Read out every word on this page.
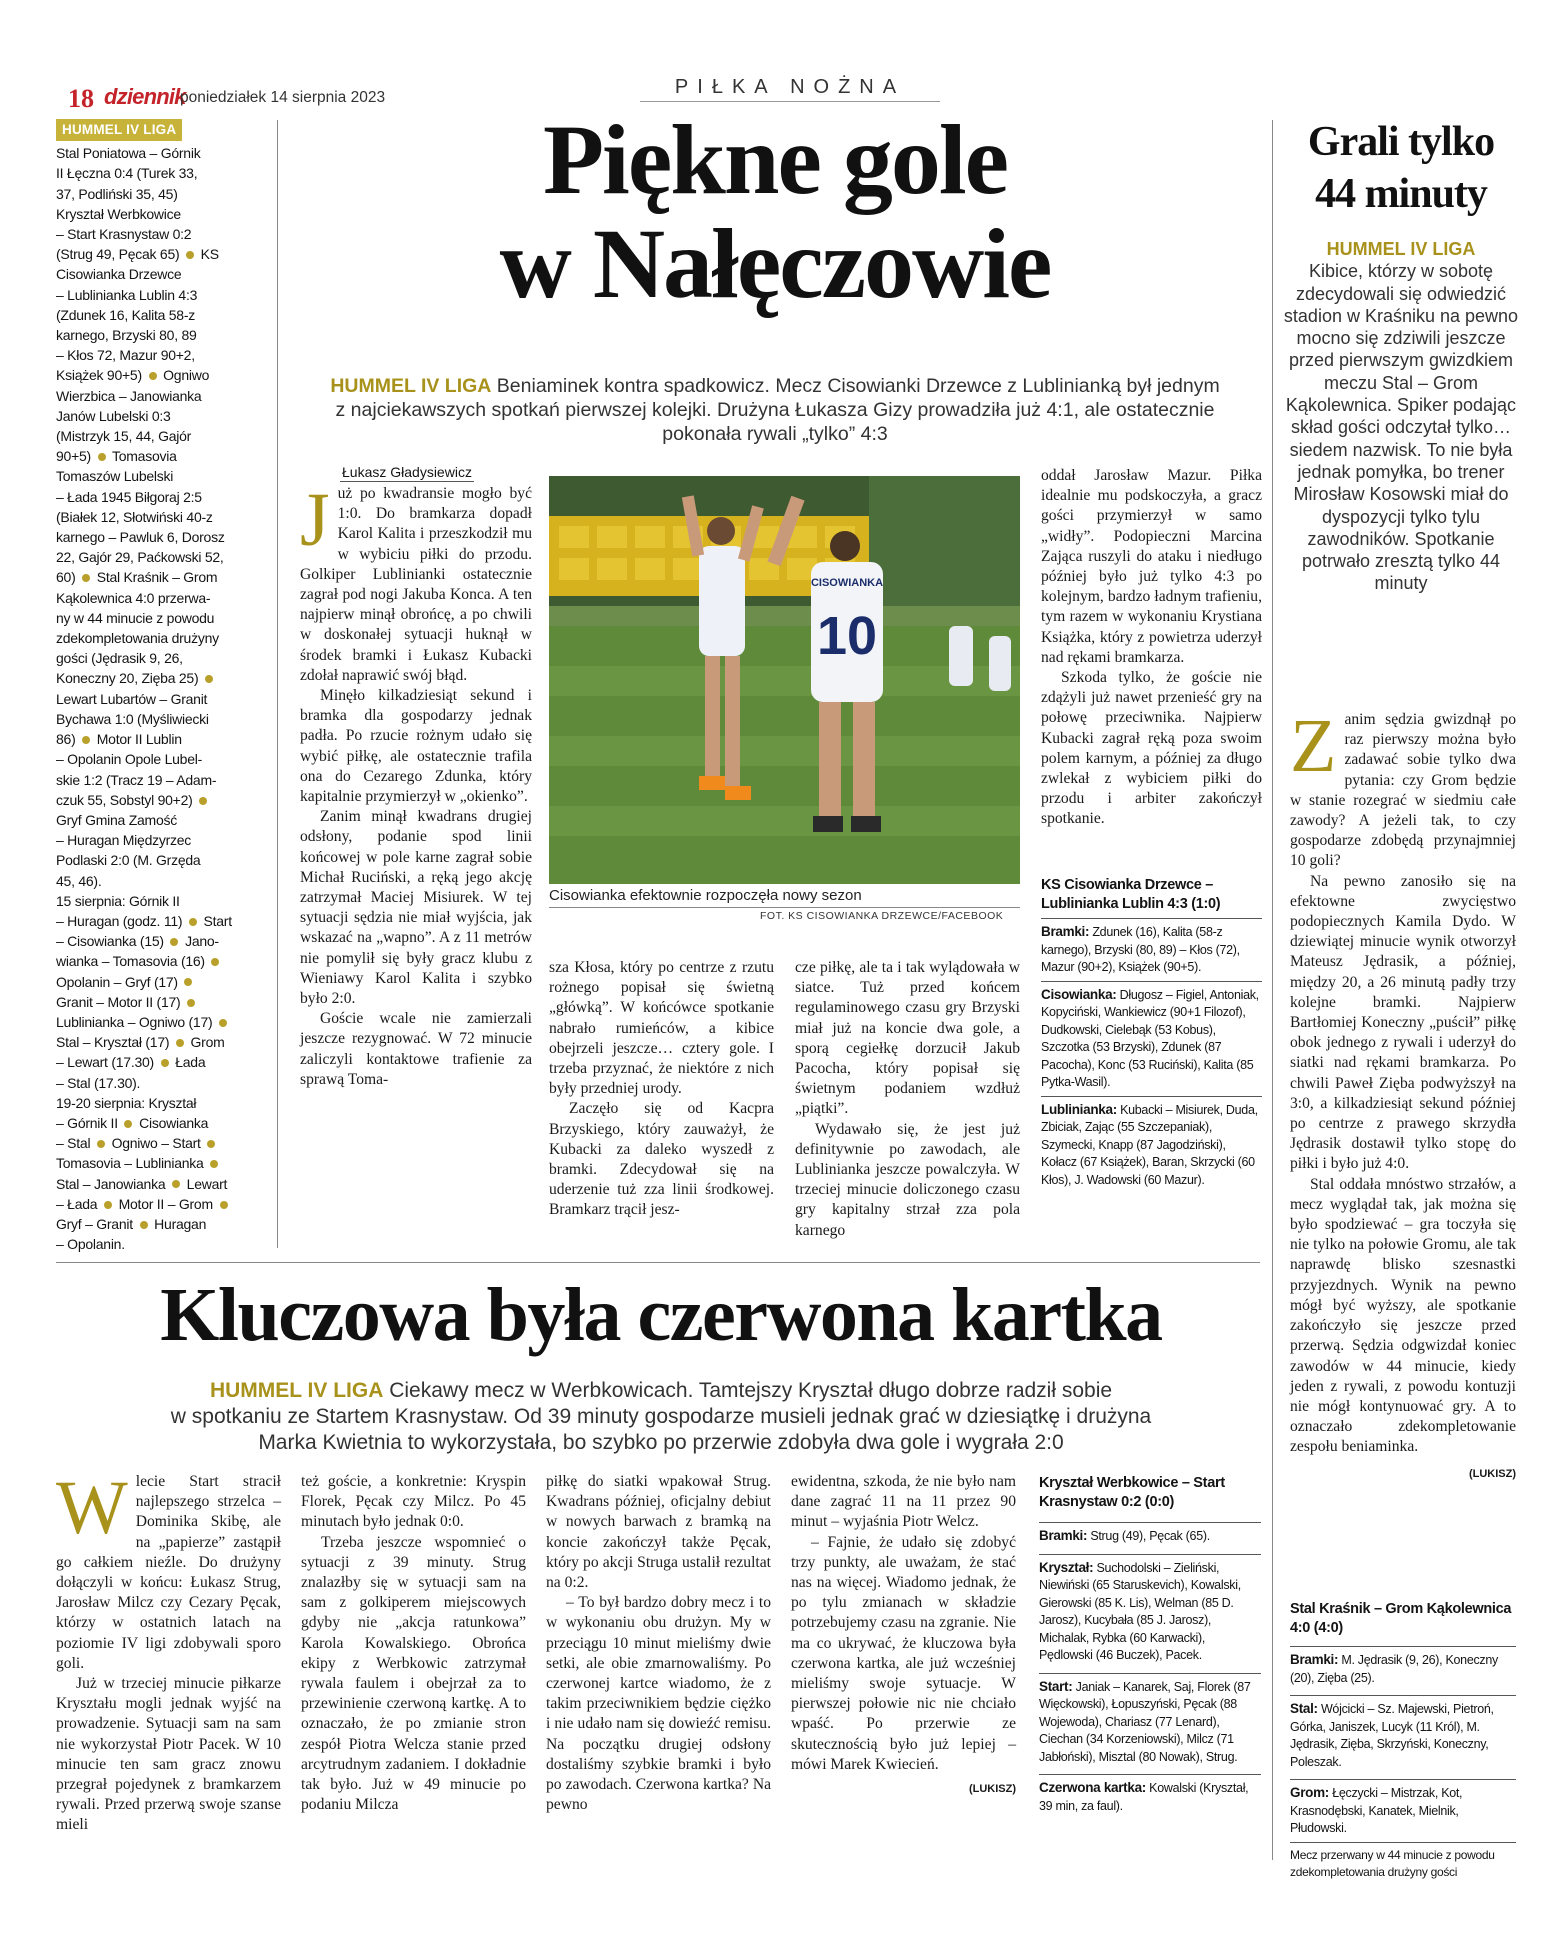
18 dziennik
poniedziałek 14 sierpnia 2023	PIŁKA NOŻNA
HUMMEL IV LIGA
Stal Poniatowa – Górnik
II Łęczna 0:4 (Turek 33,
37, Podliński 35, 45)
Kryształ Werbkowice
– Start Krasnystaw 0:2
(Strug 49, Pęcak 65)  KS
Cisowianka Drzewce
– Lublinianka Lublin 4:3
(Zdunek 16, Kalita 58-z
karnego, Brzyski 80, 89
– Kłos 72, Mazur 90+2,
Książek 90+5)  Ogniwo
Wierzbica – Janowianka
Janów Lubelski 0:3
(Mistrzyk 15, 44, Gajór
90+5)  Tomasovia
Tomaszów Lubelski
– Łada 1945 Biłgoraj 2:5
(Białek 12, Słotwiński 40-z
karnego – Pawluk 6, Dorosz
22, Gajór 29, Paćkowski 52,
60)  Stal Kraśnik – Grom
Kąkolewnica 4:0 przerwa-
ny w 44 minucie z powodu
zdekompletowania drużyny
gości (Jędrasik 9, 26,
Koneczny 20, Zięba 25)
Lewart Lubartów – Granit
Bychawa 1:0 (Myśliwiecki
86)  Motor II Lublin
– Opolanin Opole Lubel-
skie 1:2 (Tracz 19 – Adam-
czuk 55, Sobstyl 90+2)
Gryf Gmina Zamość
– Huragan Międzyrzec
Podlaski 2:0 (M. Grzęda
45, 46).
15 sierpnia: Górnik II
– Huragan (godz. 11)  Start
– Cisowianka (15)  Jano-
wianka – Tomasovia (16)
Opolanin – Gryf (17)
Granit – Motor II (17)
Lublinianka – Ogniwo (17)
Stal – Kryształ (17)  Grom
– Lewart (17.30)  Łada
– Stal (17.30).
19-20 sierpnia: Kryształ
– Górnik II  Cisowianka
– Stal  Ogniwo – Start
Tomasovia – Lublinianka
Stal – Janowianka  Lewart
– Łada  Motor II – Grom
Gryf – Granit  Huragan
– Opolanin.
Piękne gole
w Nałęczowie
HUMMEL IV LIGA Beniaminek kontra spadkowicz. Mecz Cisowianki Drzewce z Lublinianką był jednym
z najciekawszych spotkań pierwszej kolejki. Drużyna Łukasza Gizy prowadziła już 4:1, ale ostatecznie
pokonała rywali „tylko” 4:3
Łukasz Gładysiewicz

Już po kwadransie mogło być 1:0. Do bramkarza dopadł Karol Kalita i przeszkodził mu w wybiciu piłki do przodu. Golkiper Lublinianki ostatecznie zagrał pod nogi Jakuba Konca. A ten najpierw minął obrońcę, a po chwili w doskonałej sytuacji huknął w środek bramki i Łukasz Kubacki zdołał naprawić swój błąd.

Minęło kilkadziesiąt sekund i bramka dla gospodarzy jednak padła. Po rzucie rożnym udało się wybić piłkę, ale ostatecznie trafila ona do Cezarego Zdunka, który kapitalnie przymierzył w „okienko”.

Zanim minął kwadrans drugiej odsłony, podanie spod linii końcowej w pole karne zagrał sobie Michał Ruciński, a ręką jego akcję zatrzymał Maciej Misiurek. W tej sytuacji sędzia nie miał wyjścia, jak wskazać na „wapno”. A z 11 metrów nie pomylił się były gracz klubu z Wieniawy Karol Kalita i szybko było 2:0.

Goście wcale nie zamierzali jeszcze rezygnować. W 72 minucie zaliczyli kontaktowe trafienie za sprawą Toma-

CISOWIANKA
10
Cisowianka efektownie rozpoczęła nowy sezon
FOT. KS CISOWIANKA DRZEWCE/FACEBOOK

sza Kłosa, który po centrze z rzutu rożnego popisał się świetną „główką”. W końcówce spotkanie nabrało rumieńców, a kibice obejrzeli jeszcze… cztery gole. I trzeba przyznać, że niektóre z nich były przedniej urody.

Zaczęło się od Kacpra Brzyskiego, który zauważył, że Kubacki za daleko wyszedł z bramki. Zdecydował się na uderzenie tuż zza linii środkowej. Bramkarz trącił jesz-

cze piłkę, ale ta i tak wylądowała w siatce. Tuż przed końcem regulaminowego czasu gry Brzyski miał już na koncie dwa gole, a sporą cegiełkę dorzucił Jakub Pacocha, który popisał się świetnym podaniem wzdłuż „piątki”.

Wydawało się, że jest już definitywnie po zawodach, ale Lublinianka jeszcze powalczyła. W trzeciej minucie doliczonego czasu gry kapitalny strzał zza pola karnego

oddał Jarosław Mazur. Piłka idealnie mu podskoczyła, a gracz gości przymierzył w samo „widły”. Podopieczni Marcina Zająca ruszyli do ataku i niedługo później było już tylko 4:3 po kolejnym, bardzo ładnym trafieniu, tym razem w wykonaniu Krystiana Książka, który z powietrza uderzył nad rękami bramkarza.

Szkoda tylko, że goście nie zdążyli już nawet przenieść gry na połowę przeciwnika. Najpierw Kubacki zagrał ręką poza swoim polem karnym, a później za długo zwlekał z wybiciem piłki do przodu i arbiter zakończył spotkanie.

KS Cisowianka Drzewce – Lublinianka Lublin 4:3 (1:0)
Bramki: Zdunek (16), Kalita (58-z karnego), Brzyski (80, 89) – Kłos (72), Mazur (90+2), Książek (90+5).
Cisowianka: Długosz – Figiel, Antoniak, Kopyciński, Wankiewicz (90+1 Filozof), Dudkowski, Cielebąk (53 Kobus), Szczotka (53 Brzyski), Zdunek (87 Pacocha), Konc (53 Ruciński), Kalita (85 Pytka-Wasil).
Lublinianka: Kubacki – Misiurek, Duda, Zbiciak, Zając (55 Szczepaniak), Szymecki, Knapp (87 Jagodziński), Kołacz (67 Książek), Baran, Skrzycki (60 Kłos), J. Wadowski (60 Mazur).
Grali tylko
44 minuty
HUMMEL IV LIGA
Kibice, którzy w sobotę zdecydowali się odwiedzić stadion w Kraśniku na pewno mocno się zdziwili jeszcze przed pierwszym gwizdkiem meczu Stal – Grom Kąkolewnica. Spiker podając skład gości odczytał tylko… siedem nazwisk. To nie była jednak pomyłka, bo trener Mirosław Kosowski miał do dyspozycji tylko tylu zawodników. Spotkanie potrwało zresztą tylko 44 minuty

Zanim sędzia gwizdnął po raz pierwszy można było zadawać sobie tylko dwa pytania: czy Grom będzie w stanie rozegrać w siedmiu całe zawody? A jeżeli tak, to czy gospodarze zdobędą przynajmniej 10 goli?

Na pewno zanosiło się na efektowne zwycięstwo podopiecznych Kamila Dydo. W dziewiątej minucie wynik otworzył Mateusz Jędrasik, a później, między 20, a 26 minutą padły trzy kolejne bramki. Najpierw Bartłomiej Koneczny „puścił” piłkę obok jednego z rywali i uderzył do siatki nad rękami bramkarza. Po chwili Paweł Zięba podwyższył na 3:0, a kilkadziesiąt sekund później po centrze z prawego skrzydła Jędrasik dostawił tylko stopę do piłki i było już 4:0.

Stal oddała mnóstwo strzałów, a mecz wyglądał tak, jak można się było spodziewać – gra toczyła się nie tylko na połowie Gromu, ale tak naprawdę blisko szesnastki przyjezdnych. Wynik na pewno mógł być wyższy, ale spotkanie zakończyło się jeszcze przed przerwą. Sędzia odgwizdał koniec zawodów w 44 minucie, kiedy jeden z rywali, z powodu kontuzji nie mógł kontynuować gry. A to oznaczało zdekompletowanie zespołu beniaminka.

(LUKISZ)
Stal Kraśnik – Grom Kąkolewnica 4:0 (4:0)
Bramki: M. Jędrasik (9, 26), Koneczny (20), Zięba (25).
Stal: Wójcicki – Sz. Majewski, Pietroń, Górka, Janiszek, Lucyk (11 Król), M. Jędrasik, Zięba, Skrzyński, Koneczny, Poleszak.
Grom: Łęczycki – Mistrzak, Kot, Krasnodębski, Kanatek, Mielnik, Płudowski.
Mecz przerwany w 44 minucie z powodu zdekompletowania drużyny gości
Kluczowa była czerwona kartka
HUMMEL IV LIGA Ciekawy mecz w Werbkowicach. Tamtejszy Kryształ długo dobrze radził sobie
w spotkaniu ze Startem Krasnystaw. Od 39 minuty gospodarze musieli jednak grać w dziesiątkę i drużyna
Marka Kwietnia to wykorzystała, bo szybko po przerwie zdobyła dwa gole i wygrała 2:0

Wlecie Start stracił najlepszego strzelca – Dominika Skibę, ale na „papierze” zastąpił go całkiem nieźle. Do drużyny dołączyli w końcu: Łukasz Strug, Jarosław Milcz czy Cezary Pęcak, którzy w ostatnich latach na poziomie IV ligi zdobywali sporo goli.

Już w trzeciej minucie piłkarze Kryształu mogli jednak wyjść na prowadzenie. Sytuacji sam na sam nie wykorzystał Piotr Pacek. W 10 minucie ten sam gracz znowu przegrał pojedynek z bramkarzem rywali. Przed przerwą swoje szanse mieli

też goście, a konkretnie: Kryspin Florek, Pęcak czy Milcz. Po 45 minutach było jednak 0:0.

Trzeba jeszcze wspomnieć o sytuacji z 39 minuty. Strug znalazłby się w sytuacji sam na sam z golkiperem miejscowych gdyby nie „akcja ratunkowa” Karola Kowalskiego. Obrońca ekipy z Werbkowic zatrzymał rywala faulem i obejrzał za to przewinienie czerwoną kartkę. A to oznaczało, że po zmianie stron zespół Piotra Welcza stanie przed arcytrudnym zadaniem. I dokładnie tak było. Już w 49 minucie po podaniu Milcza

piłkę do siatki wpakował Strug. Kwadrans później, oficjalny debiut w nowych barwach z bramką na koncie zakończył także Pęcak, który po akcji Struga ustalił rezultat na 0:2.

– To był bardzo dobry mecz i to w wykonaniu obu drużyn. My w przeciągu 10 minut mieliśmy dwie setki, ale obie zmarnowaliśmy. Po czerwonej kartce wiadomo, że z takim przeciwnikiem będzie ciężko i nie udało nam się dowieźć remisu. Na początku drugiej odsłony dostaliśmy szybkie bramki i było po zawodach. Czerwona kartka? Na pewno

ewidentna, szkoda, że nie było nam dane zagrać 11 na 11 przez 90 minut – wyjaśnia Piotr Welcz.

– Fajnie, że udało się zdobyć trzy punkty, ale uważam, że stać nas na więcej. Wiadomo jednak, że po tylu zmianach w składzie potrzebujemy czasu na zgranie. Nie ma co ukrywać, że kluczowa była czerwona kartka, ale już wcześniej mieliśmy swoje sytuacje. W pierwszej połowie nic nie chciało wpaść. Po przerwie ze skutecznością było już lepiej – mówi Marek Kwiecień.

(LUKISZ)
Kryształ Werbkowice – Start Krasnystaw 0:2 (0:0)
Bramki: Strug (49), Pęcak (65).
Kryształ: Suchodolski – Zieliński, Niewiński (65 Staruskevich), Kowalski, Gierowski (85 K. Lis), Welman (85 D. Jarosz), Kucybała (85 J. Jarosz), Michalak, Rybka (60 Karwacki), Pędlowski (46 Buczek), Pacek.
Start: Janiak – Kanarek, Saj, Florek (87 Więckowski), Łopuszyński, Pęcak (88 Wojewoda), Chariasz (77 Lenard), Ciechan (34 Korzeniowski), Milcz (71 Jabłoński), Misztal (80 Nowak), Strug.
Czerwona kartka: Kowalski (Kryształ, 39 min, za faul).
